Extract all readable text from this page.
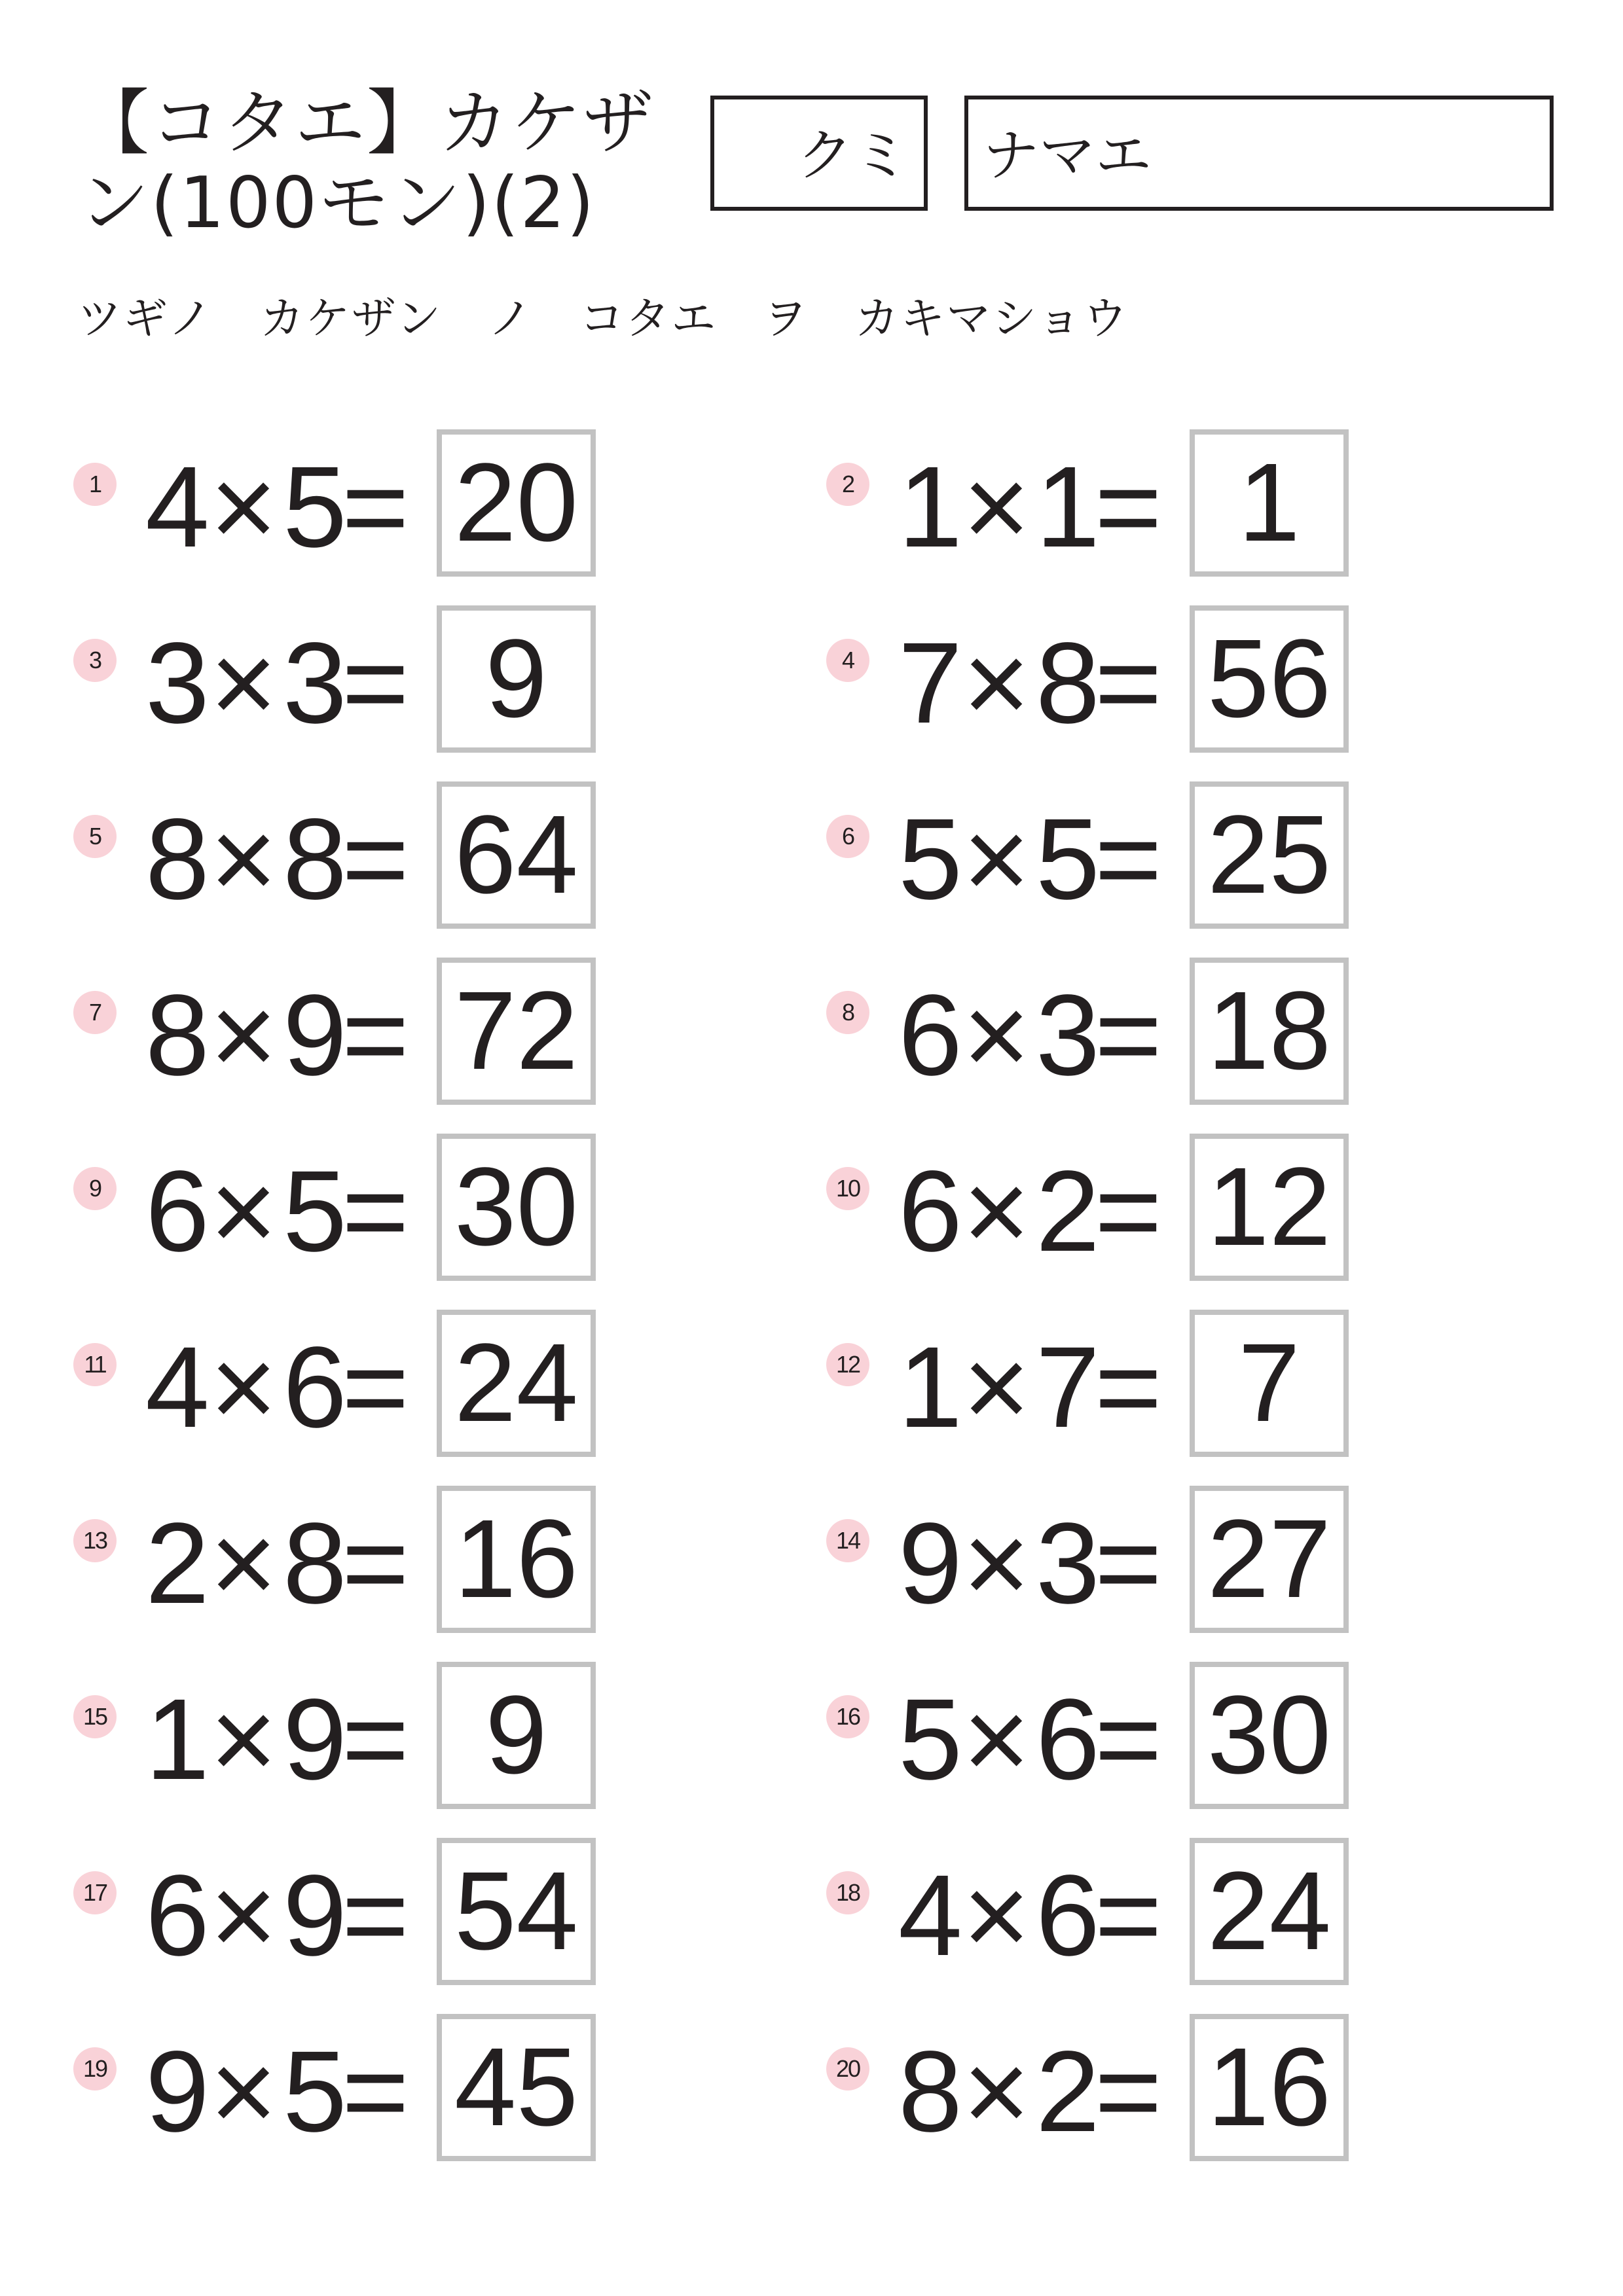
【コタエ】カケザ
ン(100モン)(2)
クミ ナマエ
ツギノ　カケザン　ノ　コタエ　ヲ　カキマショウ
1 4×5= 20	2 1×1= 1
3 3×3= 9	4 7×8= 56
5 8×8= 64	6 5×5= 25
7 8×9= 72	8 6×3= 18
9 6×5= 30	10 6×2= 12
11 4×6= 24	12 1×7= 7
13 2×8= 16	14 9×3= 27
15 1×9= 9	16 5×6= 30
17 6×9= 54	18 4×6= 24
19 9×5= 45	20 8×2= 16
